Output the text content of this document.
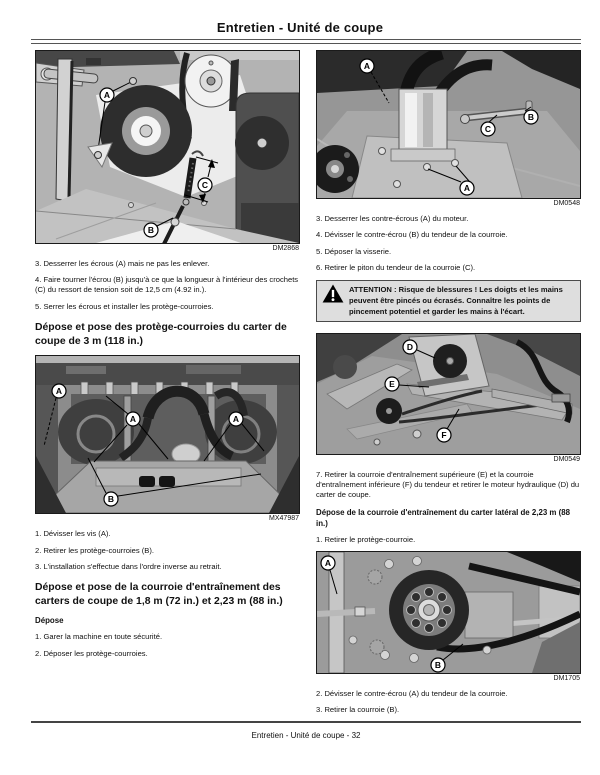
Entretien - Unité de coupe
A
C
B
DM2868

3. Desserrer les écrous (A) mais ne pas les enlever.

4. Faire tourner l'écrou (B) jusqu'à ce que la longueur à l'intérieur des crochets (C) du ressort de tension soit de 12,5 cm (4.92 in.).

5. Serrer les écrous et installer les protège-courroies.

Dépose et pose des protège-courroies du carter de coupe de 3 m (118 in.)
A
A	A
B
MX47987

1. Dévisser les vis (A).

2. Retirer les protège-courroies (B).

3. L'installation s'effectue dans l'ordre inverse au retrait.

Dépose et pose de la courroie d'entraînement des carters de coupe de 1,8 m (72 in.) et 2,23 m (88 in.)
Dépose

1. Garer la machine en toute sécurité.

2. Déposer les protège-courroies.

A
B
C
A
DM0548

3. Desserrer les contre-écrous (A) du moteur.

4. Dévisser le contre-écrou (B) du tendeur de la courroie.

5. Déposer la visserie.

6. Retirer le piton du tendeur de la courroie (C).

ATTENTION : Risque de blessures ! Les doigts et les mains peuvent être pincés ou écrasés. Connaître les points de pincement potentiel et garder les mains à l'écart.
D
E
F
DM0549

7. Retirer la courroie d'entraînement supérieure (E) et la courroie d'entraînement inférieure (F) du tendeur et retirer le moteur hydraulique (D) du carter de coupe.

Dépose de la courroie d'entraînement du carter latéral de 2,23 m (88 in.)

1. Retirer le protège-courroie.

A
B
DM1705

2. Dévisser le contre-écrou (A) du tendeur de la courroie.

3. Retirer la courroie (B).

Entretien - Unité de coupe - 32
